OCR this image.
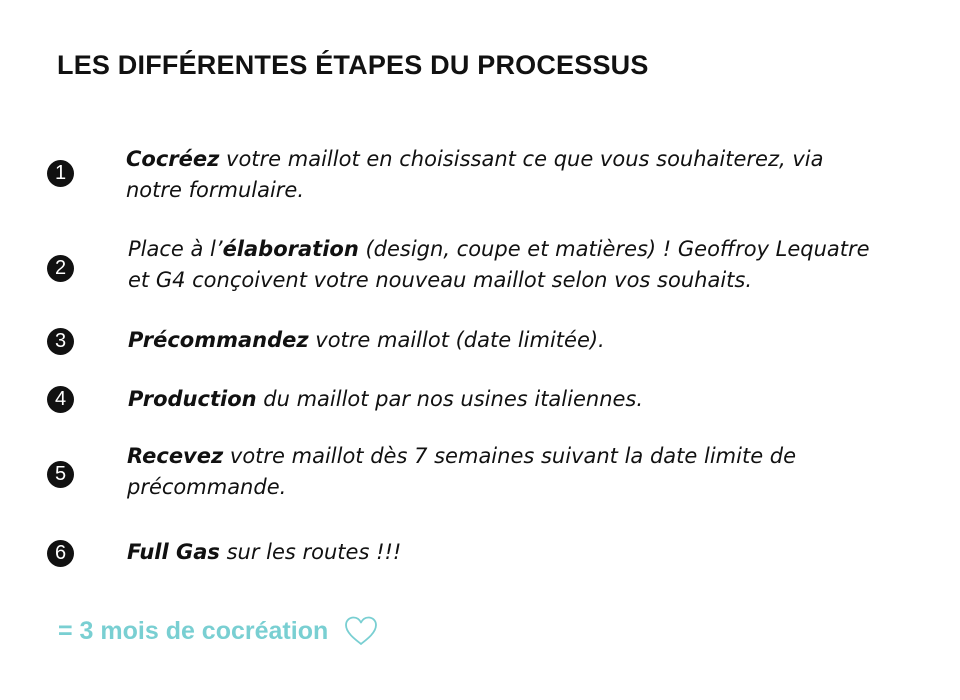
LES DIFFÉRENTES ÉTAPES DU PROCESSUS
1
Cocréez votre maillot en choisissant ce que vous souhaiterez, via
notre formulaire.
2
Place à l’élaboration (design, coupe et matières) ! Geoffroy Lequatre
et G4 conçoivent votre nouveau maillot selon vos souhaits.
3	Précommandez votre maillot (date limitée).
4	Production du maillot par nos usines italiennes.
5
Recevez votre maillot dès 7 semaines suivant la date limite de
précommande.
6	Full Gas sur les routes !!!
= 3 mois de cocréation
